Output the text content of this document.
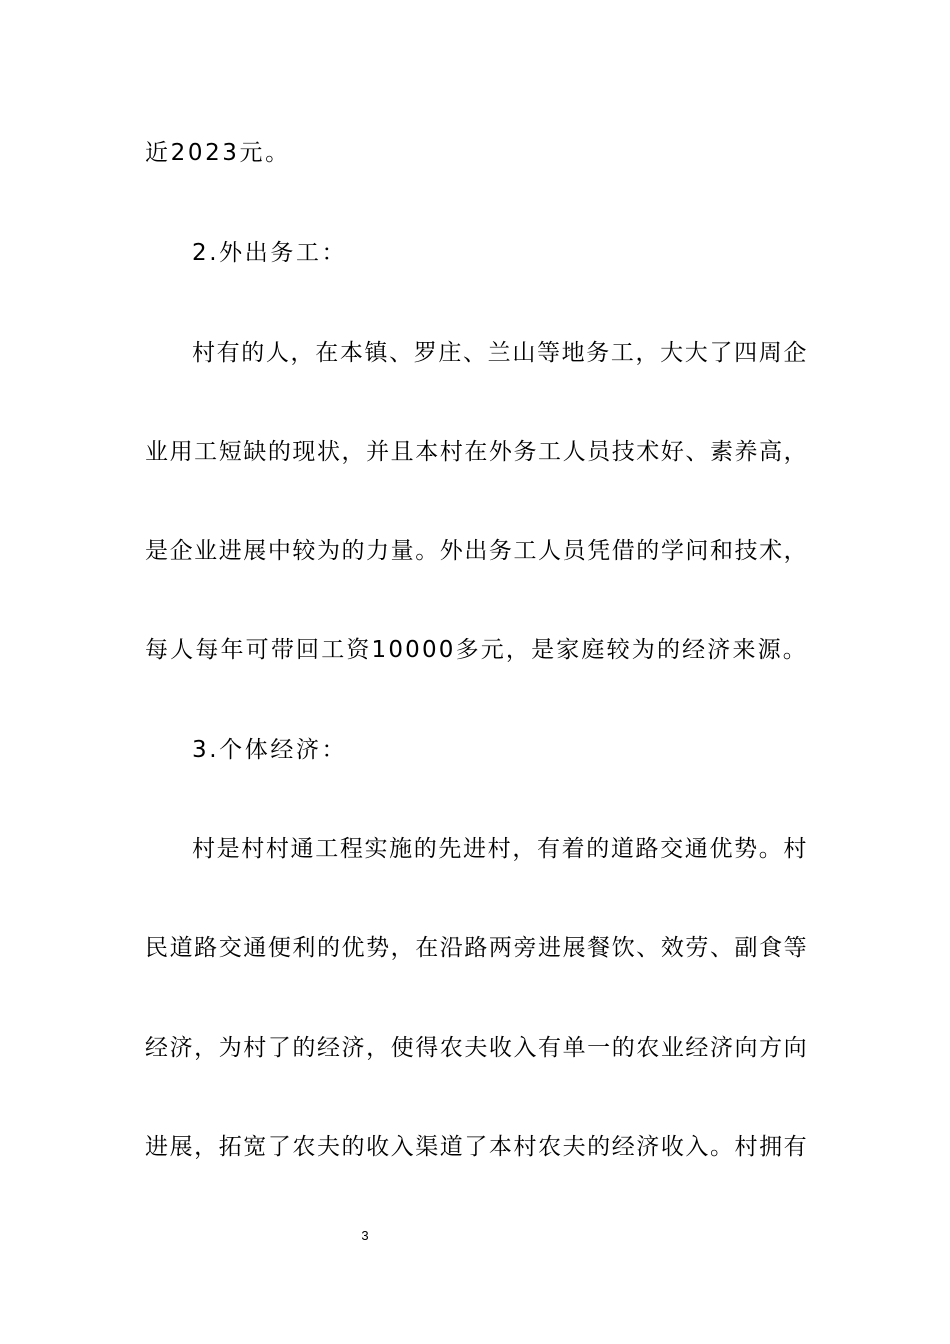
近2023元。
2.外出务工：
村有的人，在本镇、罗庄、兰山等地务工，大大了四周企
业用工短缺的现状，并且本村在外务工人员技术好、素养高，
是企业进展中较为的力量。外出务工人员凭借的学问和技术，
每人每年可带回工资10000多元，是家庭较为的经济来源。
3.个体经济：
村是村村通工程实施的先进村，有着的道路交通优势。村
民道路交通便利的优势，在沿路两旁进展餐饮、效劳、副食等
经济，为村了的经济，使得农夫收入有单一的农业经济向方向
进展，拓宽了农夫的收入渠道了本村农夫的经济收入。村拥有
3
